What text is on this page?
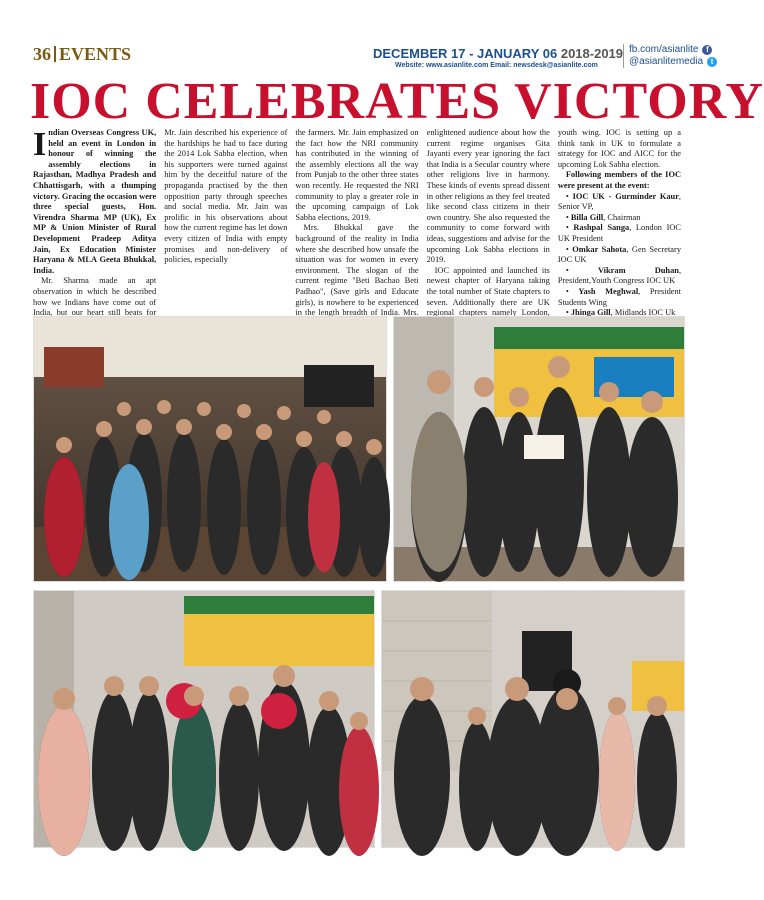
36 EVENTS	DECEMBER 17 - JANUARY 06 2018-2019
Website: www.asianlite.com Email: newsdesk@asianlite.com
fb.com/asianlite f
@asianlitemedia t
IOC CELEBRATES VICTORY

Indian Overseas Congress UK, held an event in London in honour of winning the assembly elections in Rajasthan, Madhya Pradesh and Chhattisgarh, with a thumping victory. Gracing the occasion were three special guests, Hon. Virendra Sharma MP (UK), Ex MP & Union Minister of Rural Development Pradeep Aditya Jain, Ex Education Minister Haryana & MLA Geeta Bhukkal, India.

Mr. Sharma made an apt observation in which he described how we Indians have come out of India, but our heart still beats for

Mr. Jain described his experience of the hardships he had to face during the 2014 Lok Sabha election, when his supporters were turned against him by the deceitful nature of the propaganda practised by the then opposition party through speeches and social media. Mr. Jain was prolific in his observations about how the current regime has let down every citizen of India with empty promises and non-delivery of policies, especially

the farmers. Mr. Jain emphasized on the fact how the NRI community has contributed in the winning of the assembly elections all the way from Punjab to the other three states won recently. He requested the NRI community to play a greater role in the upcoming campaign of Lok Sabha elections, 2019.

Mrs. Bhukkal gave the background of the reality in India where she described how unsafe the situation was for women in every environment. The slogan of the current regime "Beti Bachao Beti Padhao", (Save girls and Educate girls), is nowhere to be experienced in the length breadth of India. Mrs.

enlightened audience about how the current regime organises Gita Jayanti every year ignoring the fact that India is a Secular country where other religions live in harmony. These kinds of events spread dissent in other religions as they feel treated like second class citizens in their own country. She also requested the community to come forward with ideas, suggestions and advise for the upcoming Lok Sabha elections in 2019.

IOC appointed and launched its newest chapter of Haryana taking the total number of State chapters to seven. Additionally there are UK regional chapters namely London,

youth wing. IOC is setting up a think tank in UK to formulate a strategy for IOC and AICC for the upcoming Lok Sabha election.

Following members of the IOC were present at the event:

• IOC UK - Gurminder Kaur, Senior VP,
• Billa Gill, Chairman
• Rashpal Sanga, London IOC UK President
• Omkar Sahota, Gen Secretary IOC UK
• Vikram Duhan, President,Youth Congress IOC UK
• Yash Meghwal, President Students Wing
• Jhinga Gill, Midlands IOC Uk
